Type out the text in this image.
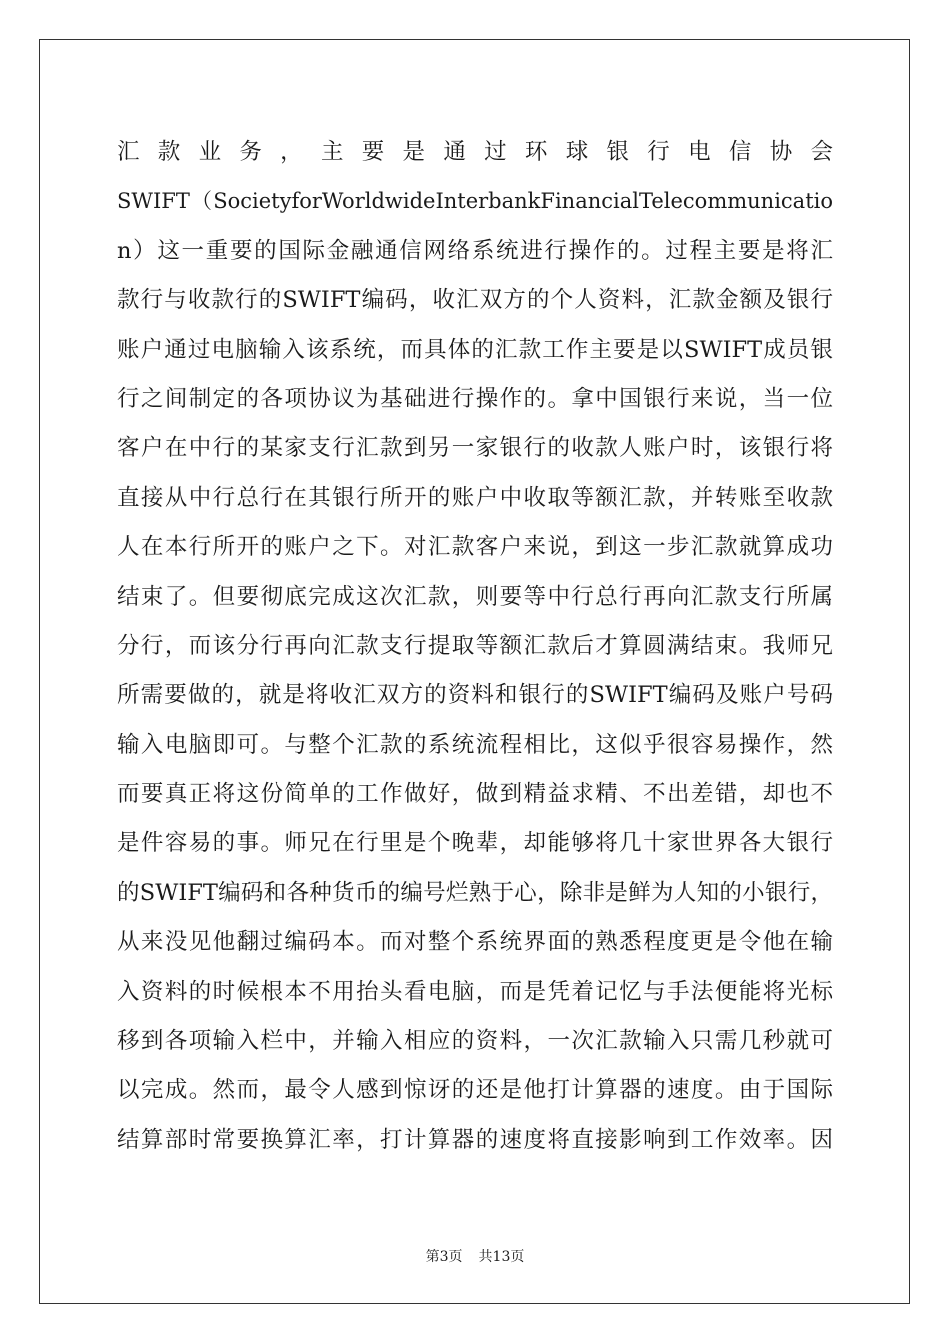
汇款业务，主要是通过环球银行电信协会
SWIFT（SocietyforWorldwideInterbankFinancialTelecommunicatio
n）这一重要的国际金融通信网络系统进行操作的。过程主要是将汇
款行与收款行的SWIFT编码，收汇双方的个人资料，汇款金额及银行
账户通过电脑输入该系统，而具体的汇款工作主要是以SWIFT成员银
行之间制定的各项协议为基础进行操作的。拿中国银行来说，当一位
客户在中行的某家支行汇款到另一家银行的收款人账户时，该银行将
直接从中行总行在其银行所开的账户中收取等额汇款，并转账至收款
人在本行所开的账户之下。对汇款客户来说，到这一步汇款就算成功
结束了。但要彻底完成这次汇款，则要等中行总行再向汇款支行所属
分行，而该分行再向汇款支行提取等额汇款后才算圆满结束。我师兄
所需要做的，就是将收汇双方的资料和银行的SWIFT编码及账户号码
输入电脑即可。与整个汇款的系统流程相比，这似乎很容易操作，然
而要真正将这份简单的工作做好，做到精益求精、不出差错，却也不
是件容易的事。师兄在行里是个晚辈，却能够将几十家世界各大银行
的SWIFT编码和各种货币的编号烂熟于心，除非是鲜为人知的小银行，
从来没见他翻过编码本。而对整个系统界面的熟悉程度更是令他在输
入资料的时候根本不用抬头看电脑，而是凭着记忆与手法便能将光标
移到各项输入栏中，并输入相应的资料，一次汇款输入只需几秒就可
以完成。然而，最令人感到惊讶的还是他打计算器的速度。由于国际
结算部时常要换算汇率，打计算器的速度将直接影响到工作效率。因
第3页 共13页
